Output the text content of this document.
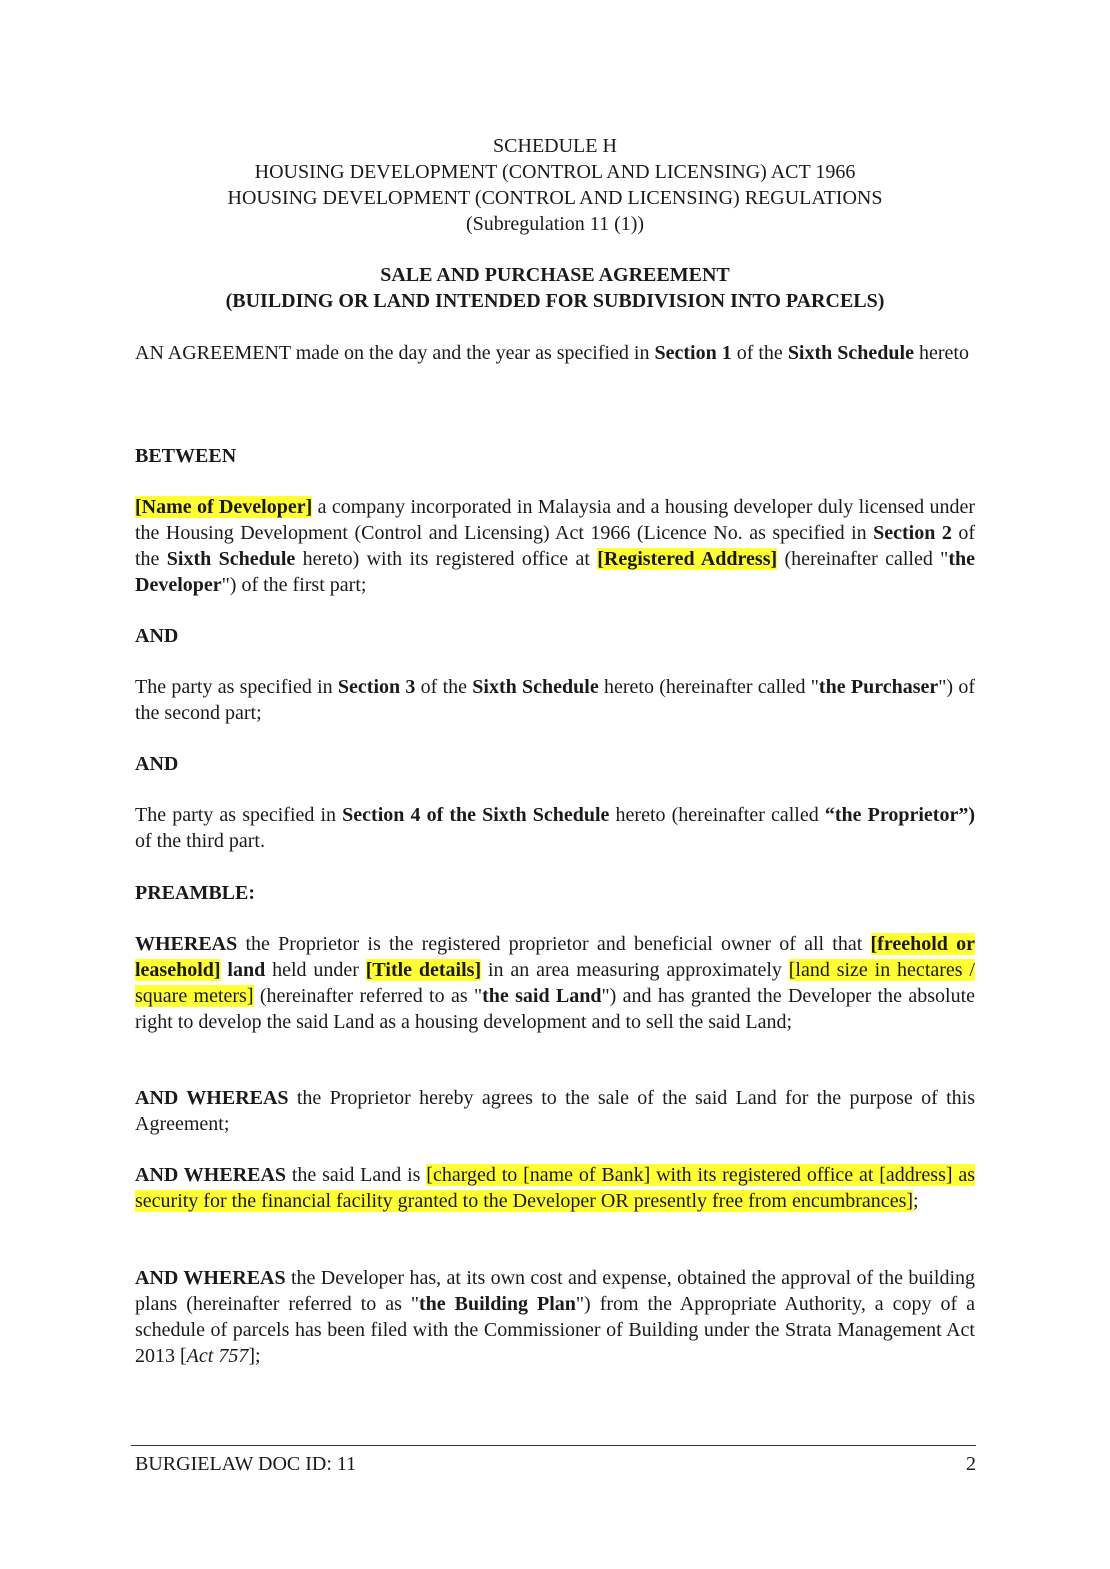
SCHEDULE H
HOUSING DEVELOPMENT (CONTROL AND LICENSING) ACT 1966
HOUSING DEVELOPMENT (CONTROL AND LICENSING) REGULATIONS
(Subregulation 11 (1))
SALE AND PURCHASE AGREEMENT
(BUILDING OR LAND INTENDED FOR SUBDIVISION INTO PARCELS)
AN AGREEMENT made on the day and the year as specified in Section 1 of the Sixth Schedule hereto
BETWEEN
[Name of Developer] a company incorporated in Malaysia and a housing developer duly licensed under the Housing Development (Control and Licensing) Act 1966 (Licence No. as specified in Section 2 of the Sixth Schedule hereto) with its registered office at [Registered Address] (hereinafter called "the Developer") of the first part;
AND
The party as specified in Section 3 of the Sixth Schedule hereto (hereinafter called "the Purchaser") of the second part;
AND
The party as specified in Section 4 of the Sixth Schedule hereto (hereinafter called “the Proprietor”) of the third part.
PREAMBLE:
WHEREAS the Proprietor is the registered proprietor and beneficial owner of all that [freehold or leasehold] land held under [Title details] in an area measuring approximately [land size in hectares / square meters] (hereinafter referred to as "the said Land") and has granted the Developer the absolute right to develop the said Land as a housing development and to sell the said Land;
AND WHEREAS the Proprietor hereby agrees to the sale of the said Land for the purpose of this Agreement;
AND WHEREAS the said Land is [charged to [name of Bank] with its registered office at [address] as security for the financial facility granted to the Developer OR presently free from encumbrances];
AND WHEREAS the Developer has, at its own cost and expense, obtained the approval of the building plans (hereinafter referred to as "the Building Plan") from the Appropriate Authority, a copy of a schedule of parcels has been filed with the Commissioner of Building under the Strata Management Act 2013 [Act 757];
BURGIELAW DOC ID: 11	2
